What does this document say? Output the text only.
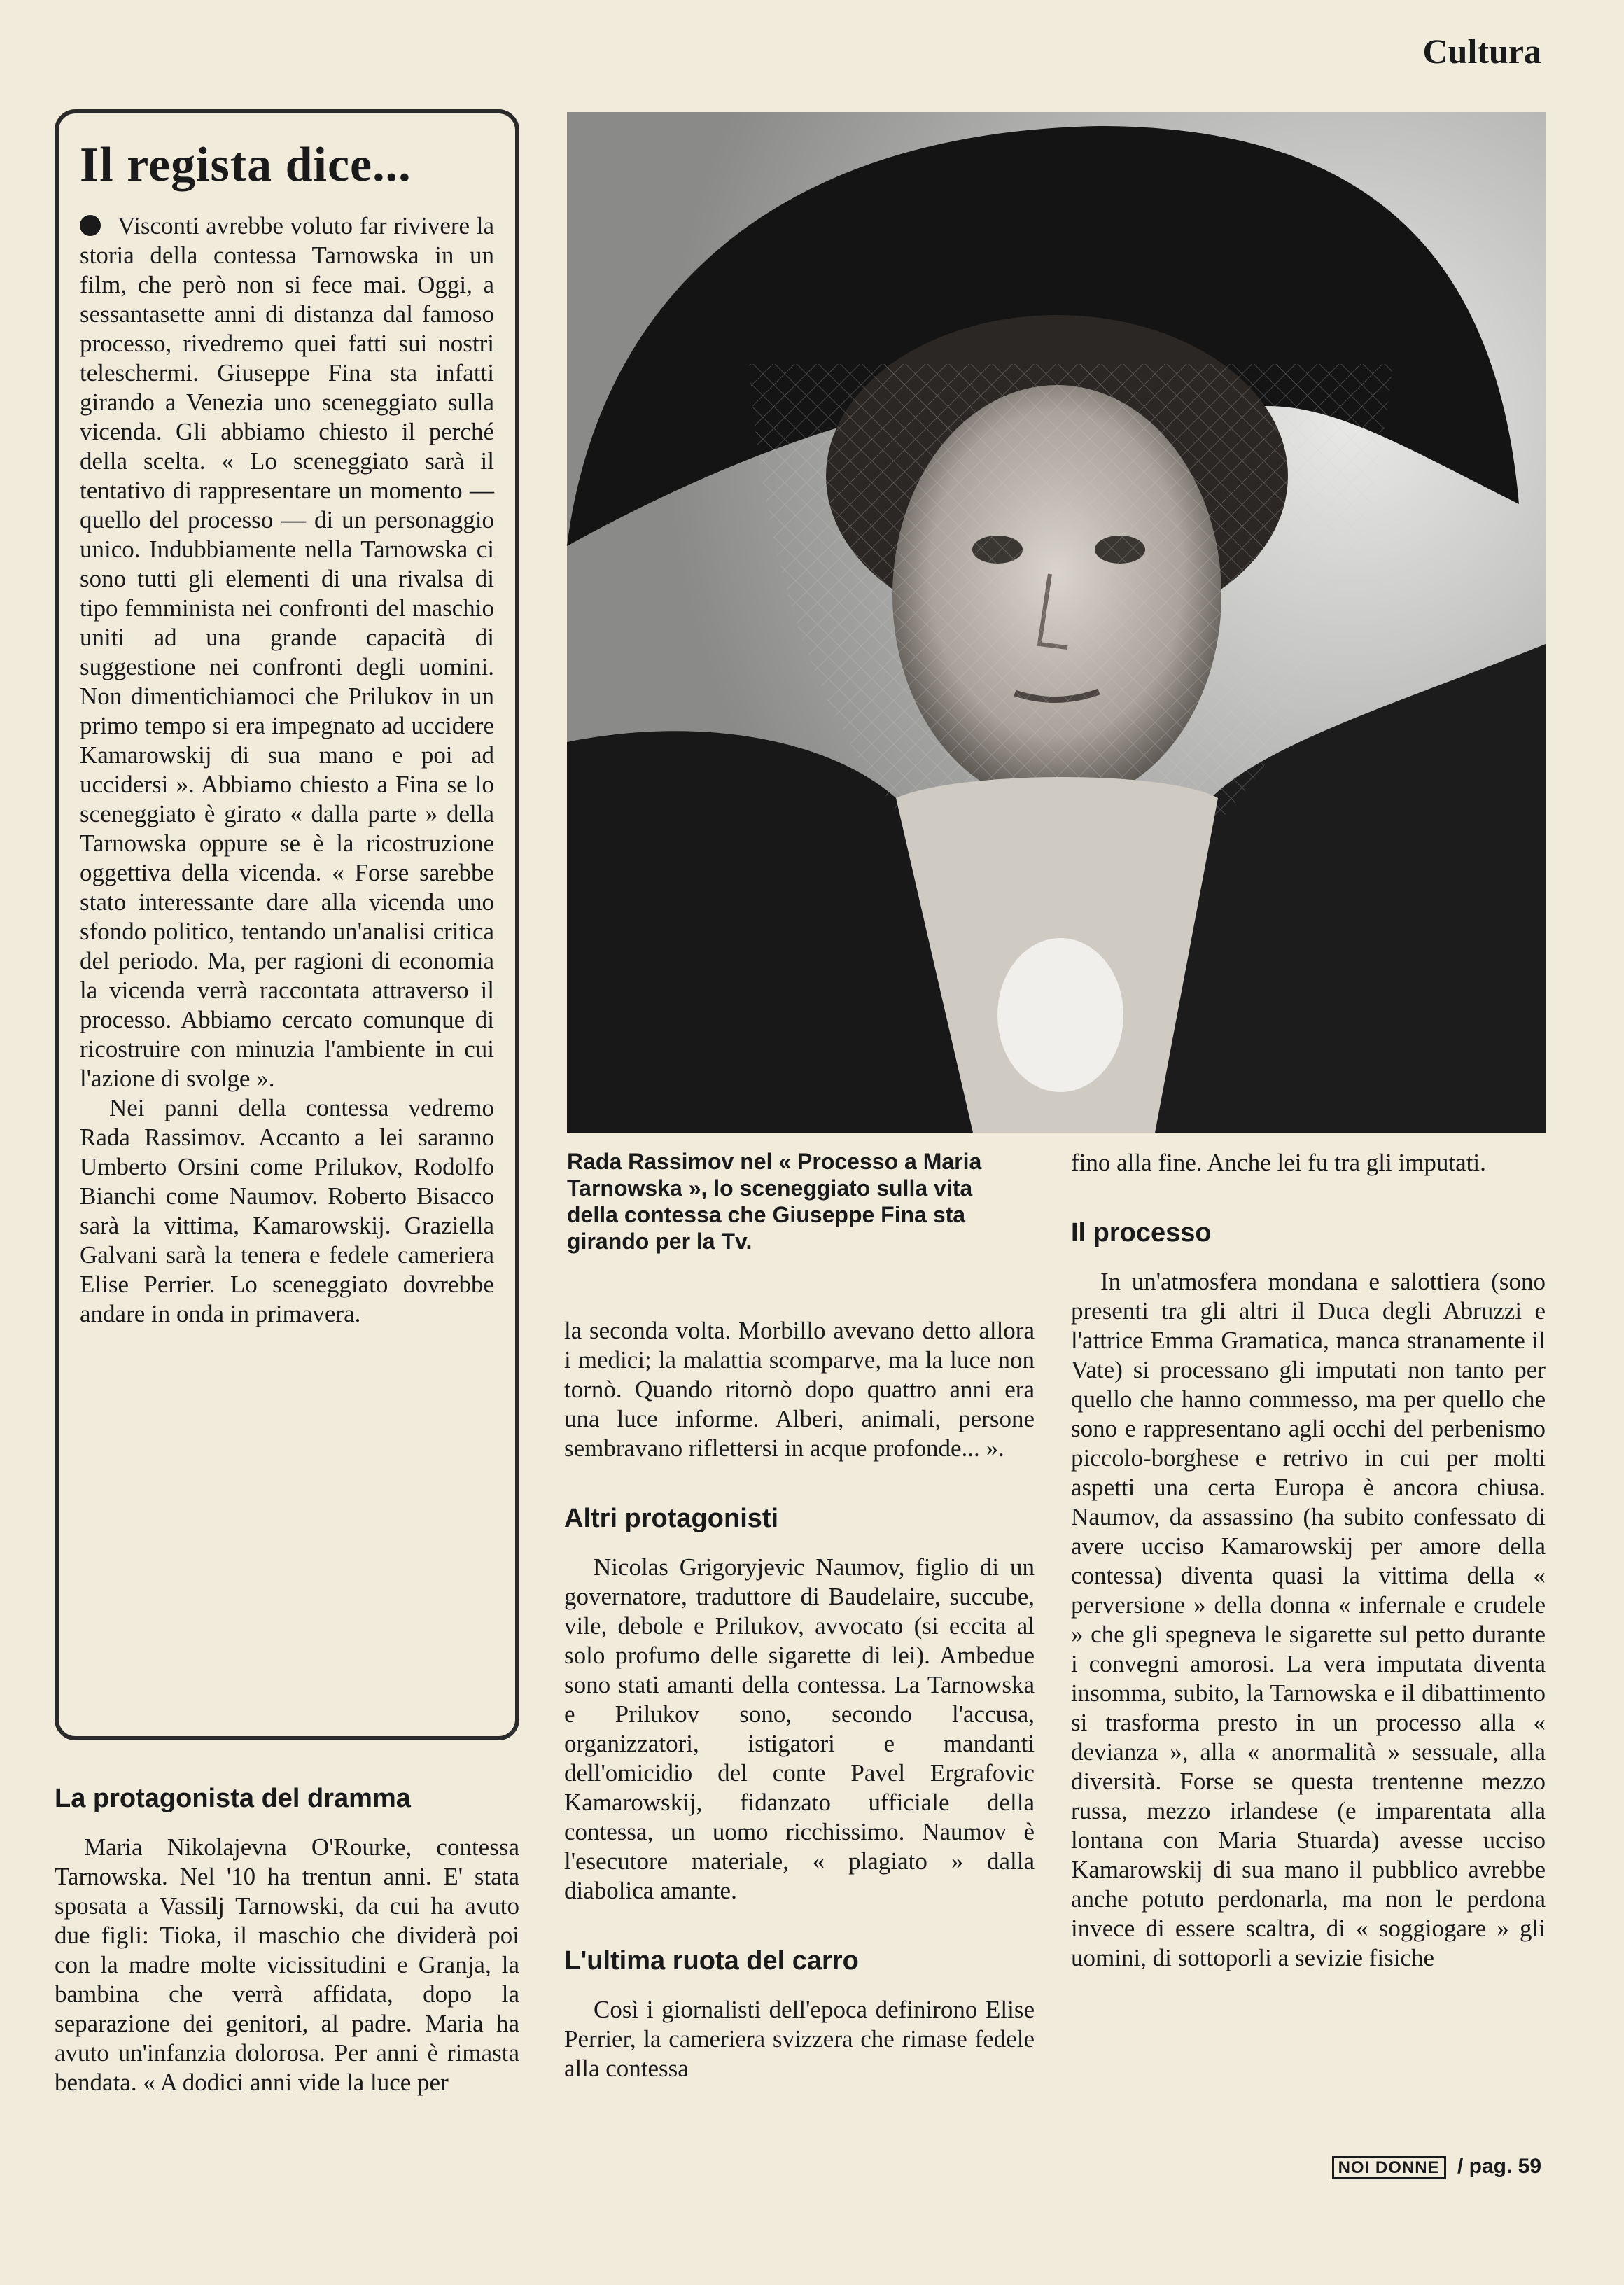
Cultura
Il regista dice...

Visconti avrebbe voluto far rivivere la storia della contessa Tarnowska in un film, che però non si fece mai. Oggi, a sessantasette anni di distanza dal famoso processo, rivedremo quei fatti sui nostri teleschermi. Giuseppe Fina sta infatti girando a Venezia uno sceneggiato sulla vicenda. Gli abbiamo chiesto il perché della scelta. « Lo sceneggiato sarà il tentativo di rappresentare un momento — quello del processo — di un personaggio unico. Indubbiamente nella Tarnowska ci sono tutti gli elementi di una rivalsa di tipo femminista nei confronti del maschio uniti ad una grande capacità di suggestione nei confronti degli uomini. Non dimentichiamoci che Prilukov in un primo tempo si era impegnato ad uccidere Kamarowskij di sua mano e poi ad uccidersi ». Abbiamo chiesto a Fina se lo sceneggiato è girato « dalla parte » della Tarnowska oppure se è la ricostruzione oggettiva della vicenda. « Forse sarebbe stato interessante dare alla vicenda uno sfondo politico, tentando un'analisi critica del periodo. Ma, per ragioni di economia la vicenda verrà raccontata attraverso il processo. Abbiamo cercato comunque di ricostruire con minuzia l'ambiente in cui l'azione di svolge ».

Nei panni della contessa vedremo Rada Rassimov. Accanto a lei saranno Umberto Orsini come Prilukov, Rodolfo Bianchi come Naumov. Roberto Bisacco sarà la vittima, Kamarowskij. Graziella Galvani sarà la tenera e fedele cameriera Elise Perrier. Lo sceneggiato dovrebbe andare in onda in primavera.

Rada Rassimov nel « Processo a Maria Tarnowska », lo sceneggiato sulla vita della contessa che Giuseppe Fina sta girando per la Tv.
La protagonista del dramma

Maria Nikolajevna O'Rourke, contessa Tarnowska. Nel '10 ha trentun anni. E' stata sposata a Vassilj Tarnowski, da cui ha avuto due figli: Tioka, il maschio che dividerà poi con la madre molte vicissitudini e Granja, la bambina che verrà affidata, dopo la separazione dei genitori, al padre. Maria ha avuto un'infanzia dolorosa. Per anni è rimasta bendata. « A dodici anni vide la luce per

la seconda volta. Morbillo avevano detto allora i medici; la malattia scomparve, ma la luce non tornò. Quando ritornò dopo quattro anni era una luce informe. Alberi, animali, persone sembravano riflettersi in acque profonde... ».

Altri protagonisti

Nicolas Grigoryjevic Naumov, figlio di un governatore, traduttore di Baudelaire, succube, vile, debole e Prilukov, avvocato (si eccita al solo profumo delle sigarette di lei). Ambedue sono stati amanti della contessa. La Tarnowska e Prilukov sono, secondo l'accusa, organizzatori, istigatori e mandanti dell'omicidio del conte Pavel Ergrafovic Kamarowskij, fidanzato ufficiale della contessa, un uomo ricchissimo. Naumov è l'esecutore materiale, « plagiato » dalla diabolica amante.

L'ultima ruota del carro

Così i giornalisti dell'epoca definirono Elise Perrier, la cameriera svizzera che rimase fedele alla contessa

fino alla fine. Anche lei fu tra gli imputati.

Il processo

In un'atmosfera mondana e salottiera (sono presenti tra gli altri il Duca degli Abruzzi e l'attrice Emma Gramatica, manca stranamente il Vate) si processano gli imputati non tanto per quello che hanno commesso, ma per quello che sono e rappresentano agli occhi del perbenismo piccolo-borghese e retrivo in cui per molti aspetti una certa Europa è ancora chiusa. Naumov, da assassino (ha subito confessato di avere ucciso Kamarowskij per amore della contessa) diventa quasi la vittima della « perversione » della donna « infernale e crudele » che gli spegneva le sigarette sul petto durante i convegni amorosi. La vera imputata diventa insomma, subito, la Tarnowska e il dibattimento si trasforma presto in un processo alla « devianza », alla « anormalità » sessuale, alla diversità. Forse se questa trentenne mezzo russa, mezzo irlandese (e imparentata alla lontana con Maria Stuarda) avesse ucciso Kamarowskij di sua mano il pubblico avrebbe anche potuto perdonarla, ma non le perdona invece di essere scaltra, di « soggiogare » gli uomini, di sottoporli a sevizie fisiche

NOI DONNE / pag. 59
